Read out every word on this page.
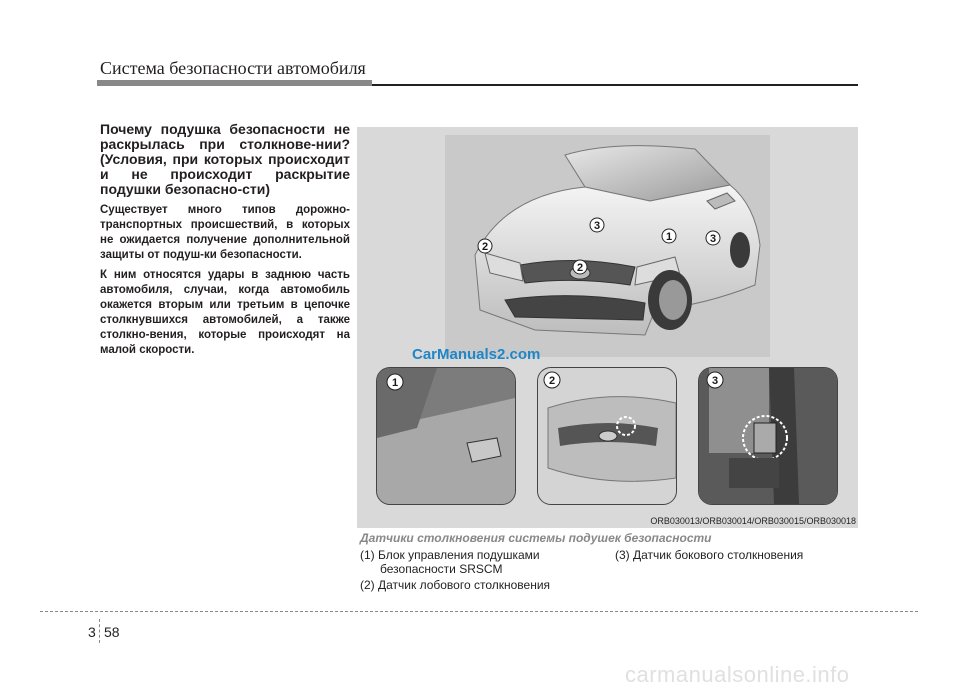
Система безопасности автомобиля

Почему подушка безопасности не раскрылась при столкнове-нии? (Условия, при которых происходит и не происходит раскрытие подушки безопасно-сти)

Существует много типов дорожно-транспортных происшествий, в которых не ожидается получение дополнительной защиты от подуш-ки безопасности.

К ним относятся удары в заднюю часть автомобиля, случаи, когда автомобиль окажется вторым или третьим в цепочке столкнувшихся автомобилей, а также столкно-вения, которые происходят на малой скорости.

3
1	3
2
2
CarManuals2.com
1	2	3
ORB030013/ORB030014/ORB030015/ORB030018
Датчики столкновения системы подушек безопасности
(1) Блок управления подушками
безопасности SRSCM
(2) Датчик лобового столкновения
(3) Датчик бокового столкновения
3 58
carmanualsonline.info
